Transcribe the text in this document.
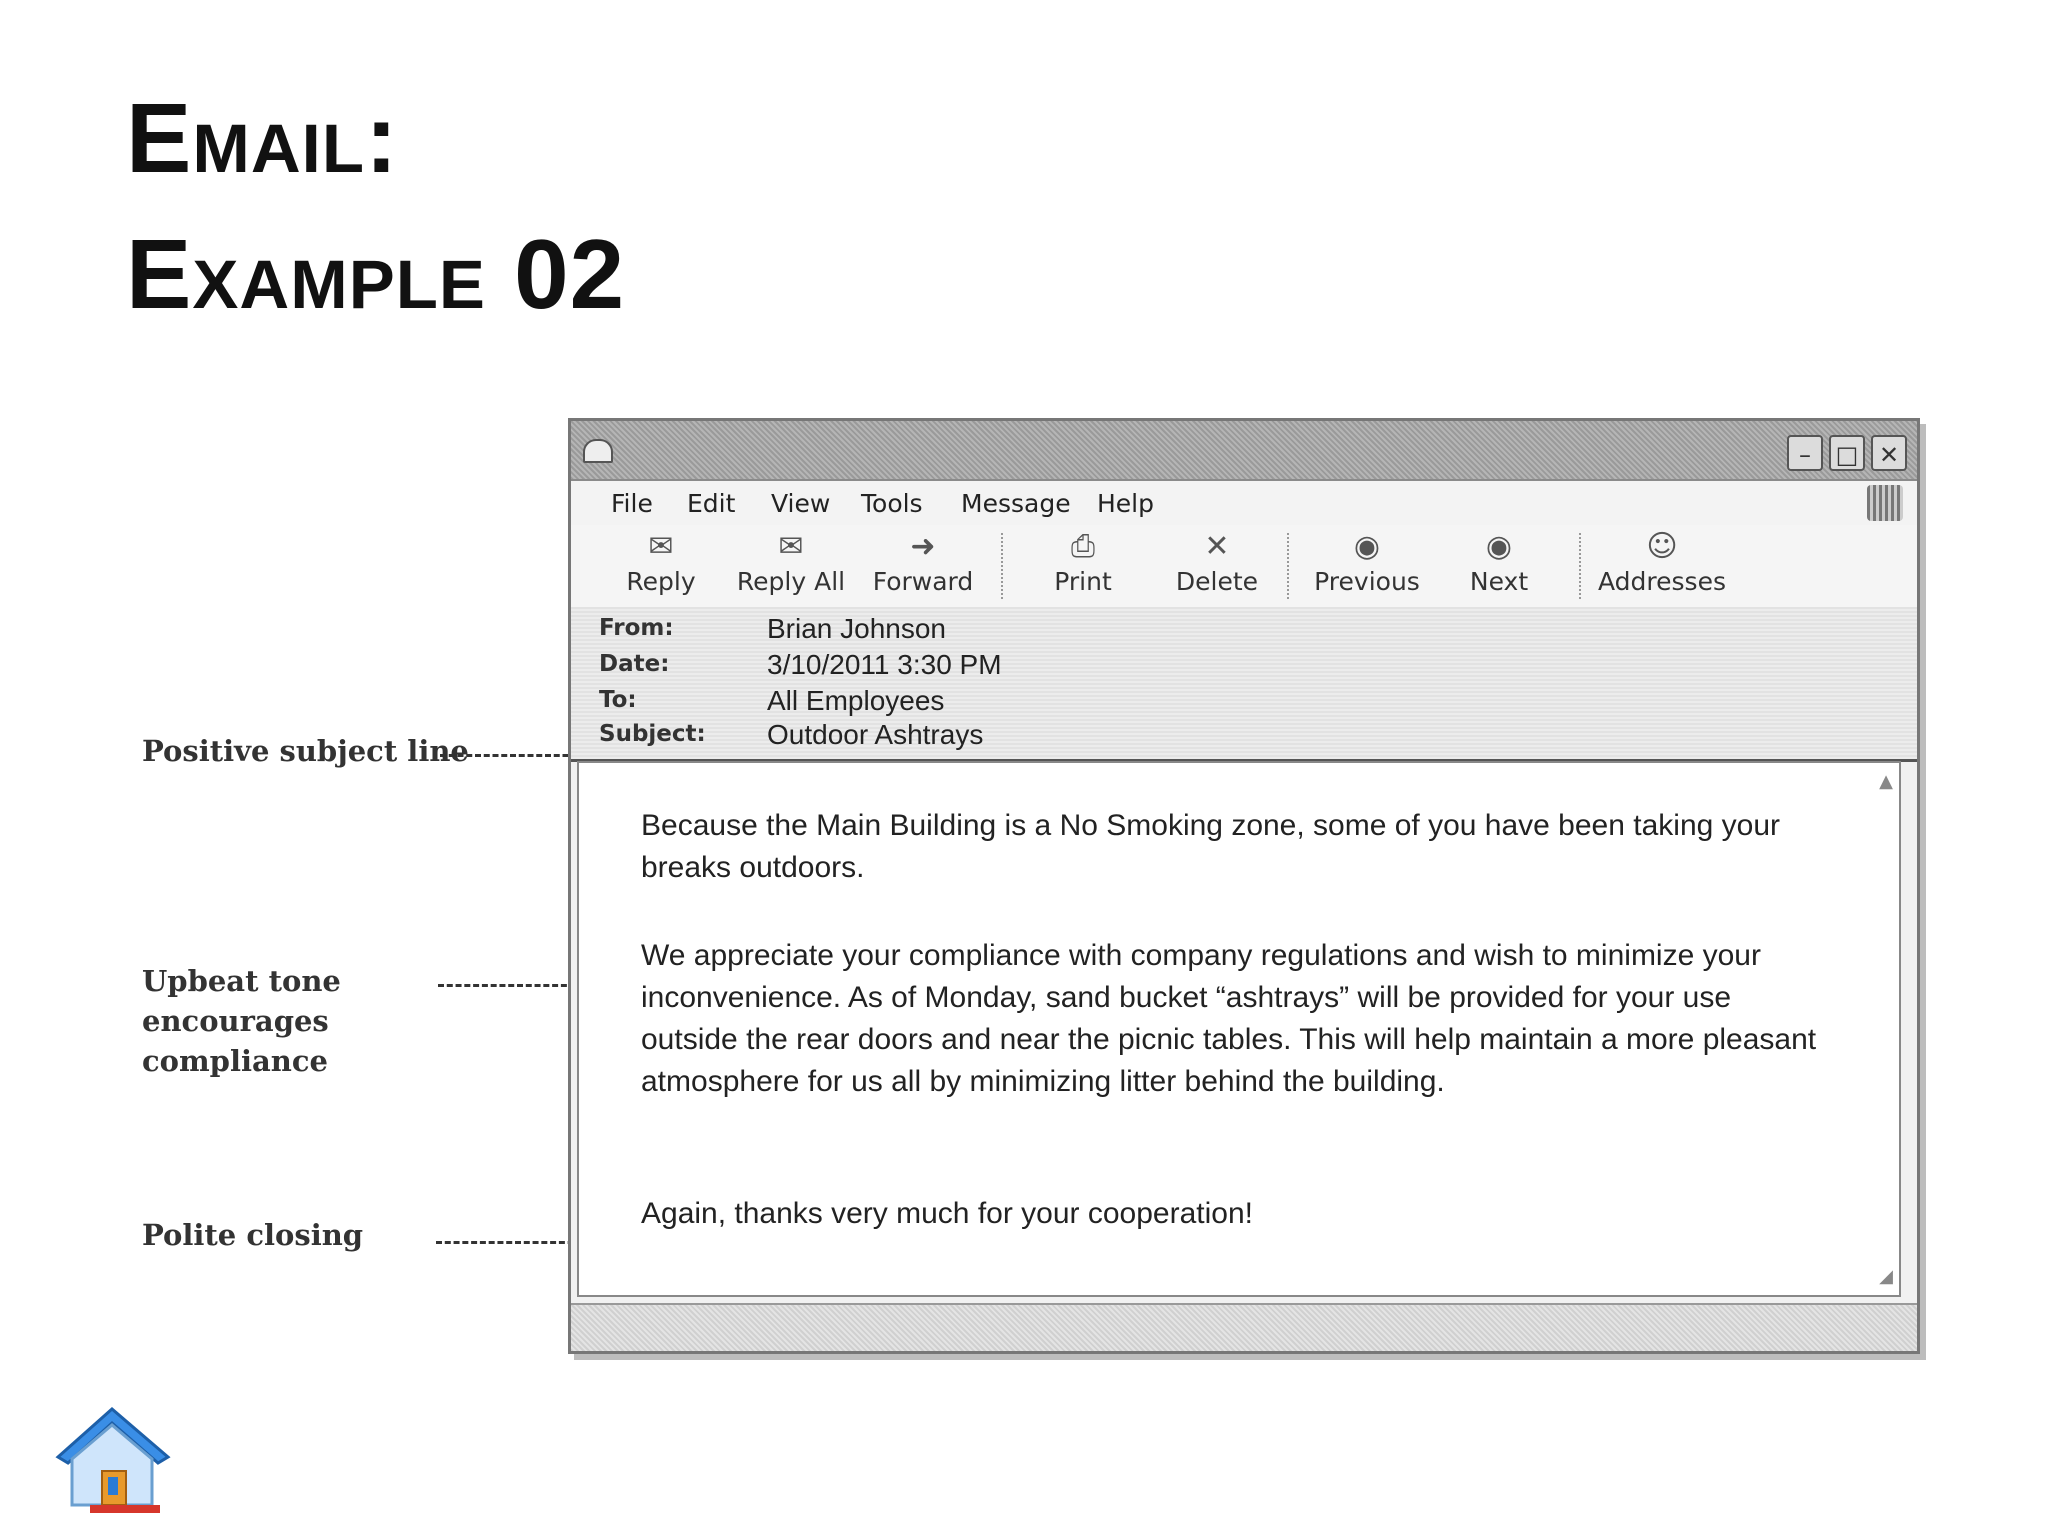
Email:
Example 02
Positive subject line
Upbeat tone
encourages
compliance
Polite closing
–	□ ✕
File Edit View Tools Message Help
✉
Reply
✉
Reply All
➜
Forward
⎙
Print
✕
Delete
◉
Previous
◉
Next
☺
Addresses
From:	Brian Johnson
Date:	3/10/2011 3:30 PM
To:	All Employees
Subject: Outdoor Ashtrays
Because the Main Building is a No Smoking zone, some of you have been taking your breaks outdoors.
We appreciate your compliance with company regulations and wish to minimize your inconvenience. As of Monday, sand bucket “ashtrays” will be provided for your use outside the rear doors and near the picnic tables. This will help maintain a more pleasant atmosphere for us all by minimizing litter behind the building.
Again, thanks very much for your cooperation!
▲
◢
